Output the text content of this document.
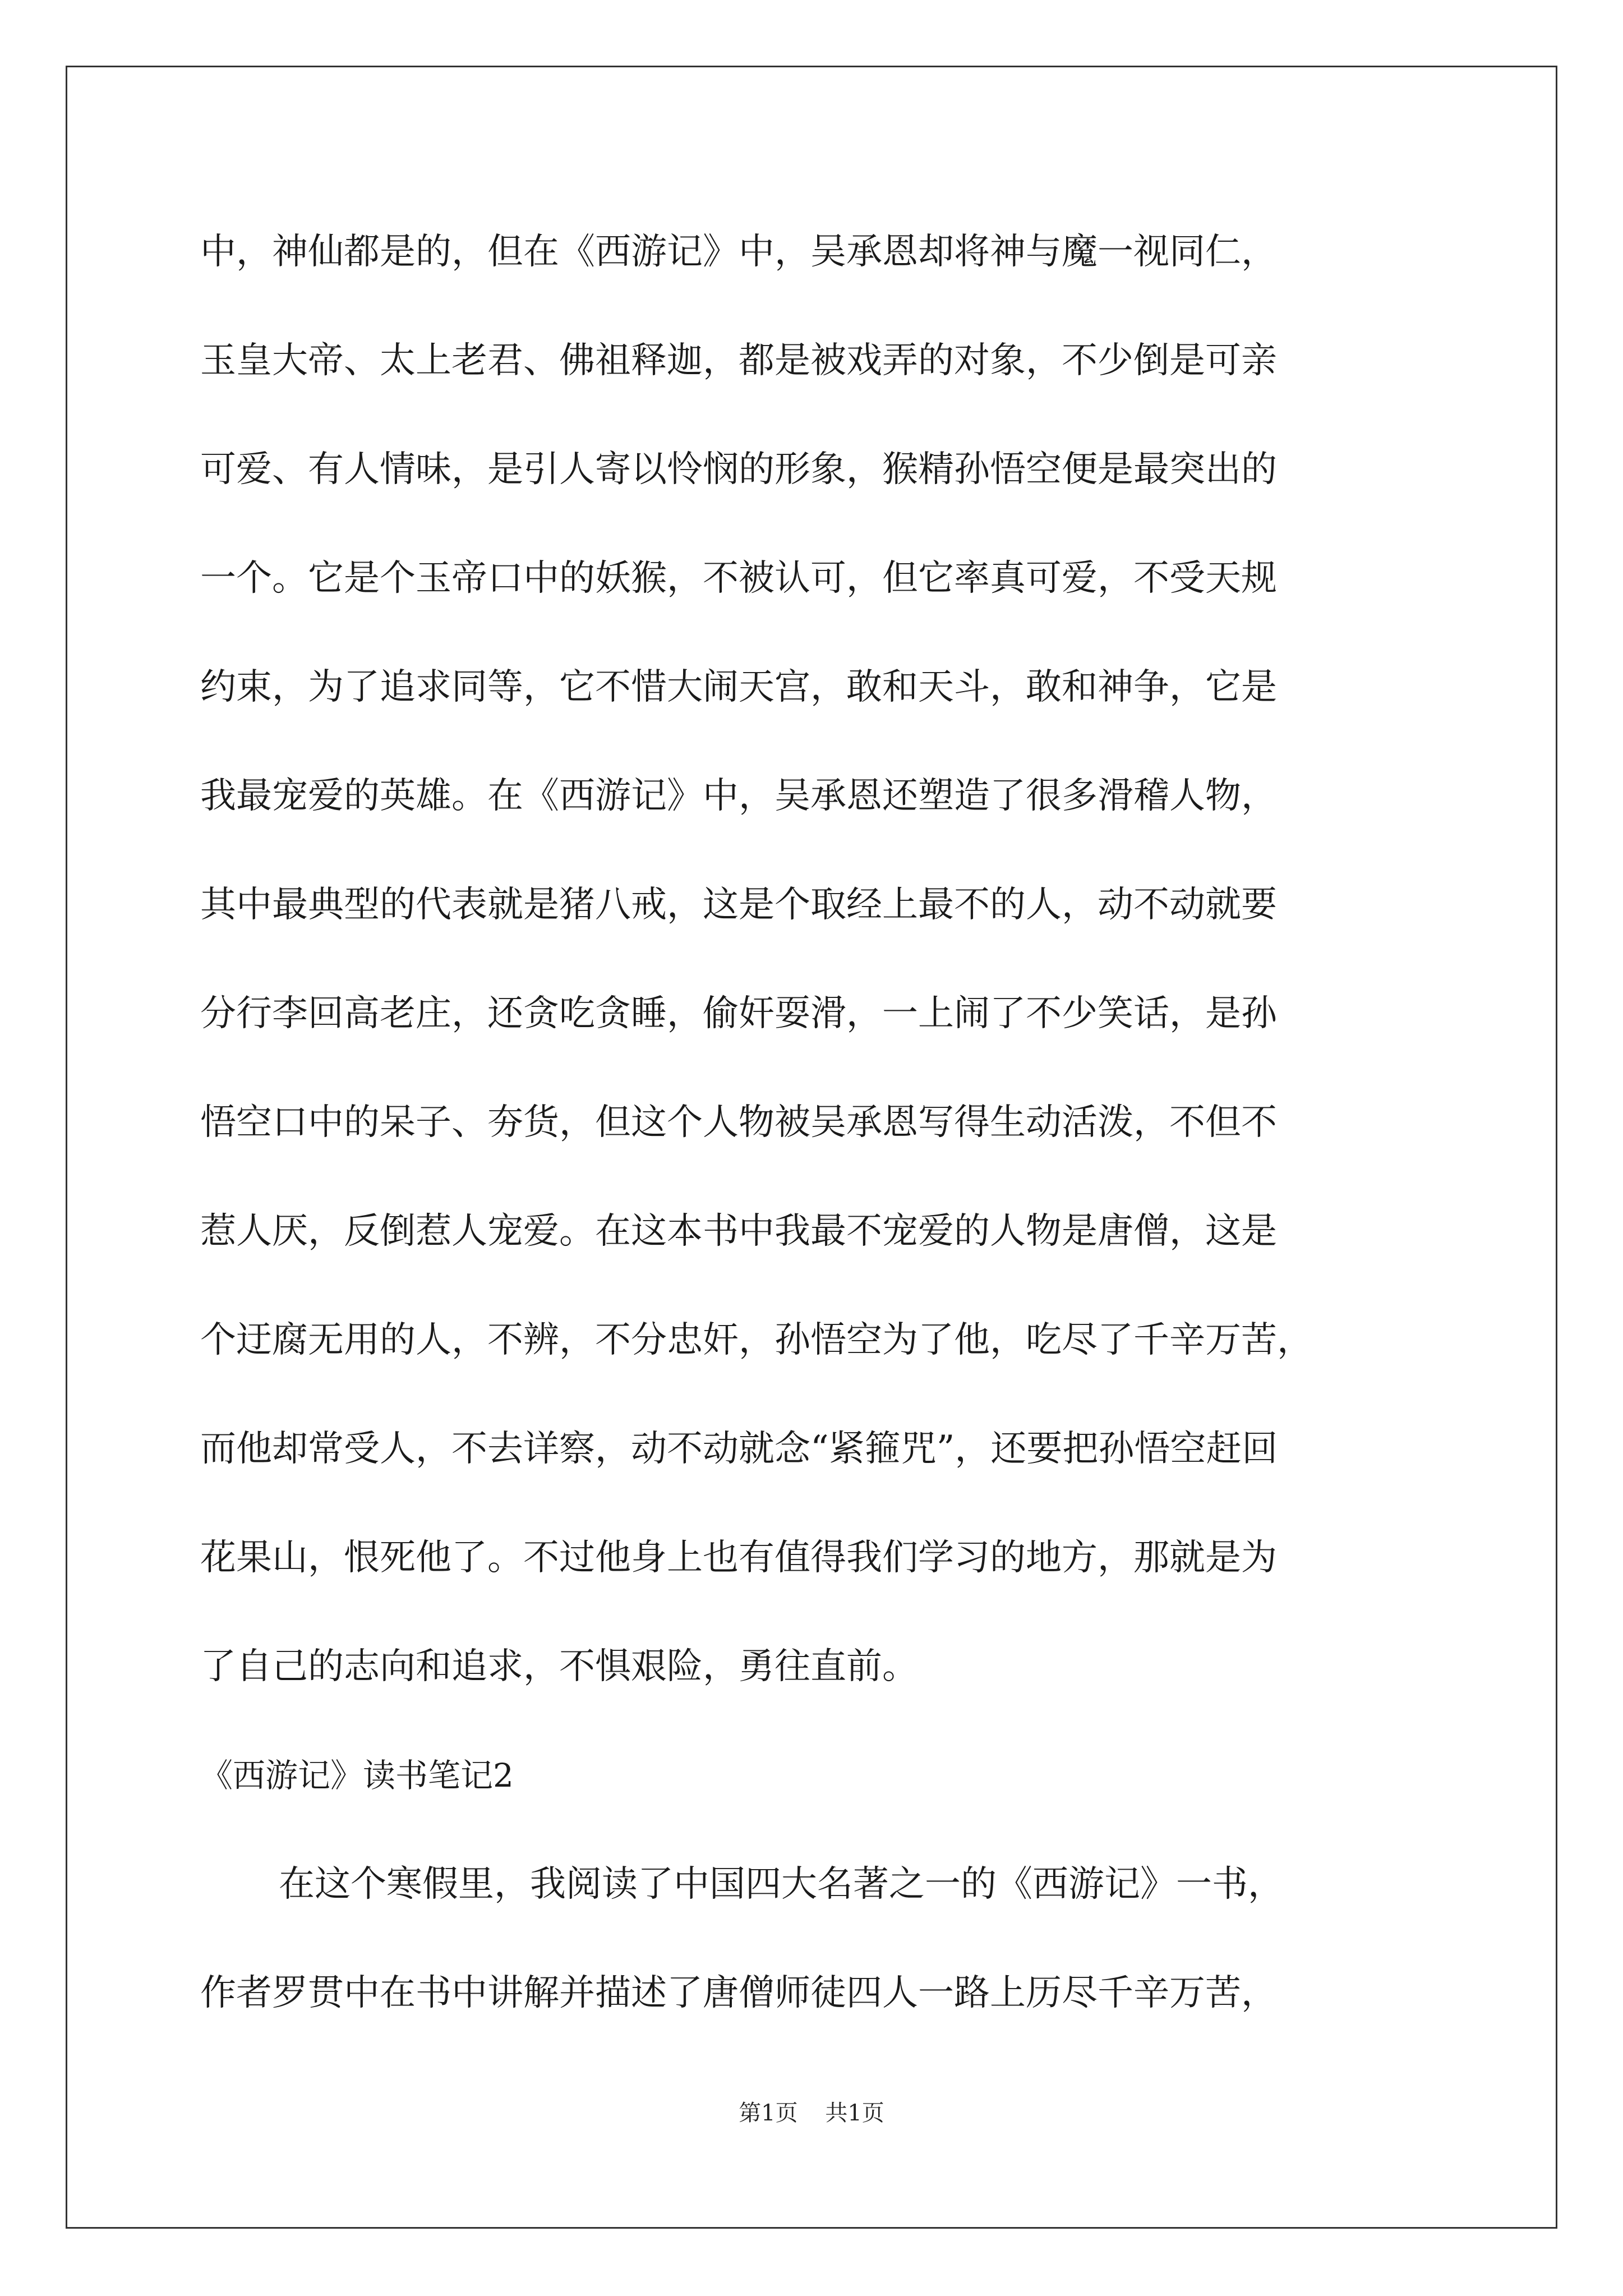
中，神仙都是的，但在《西游记》中，吴承恩却将神与魔一视同仁，
玉皇大帝、太上老君、佛祖释迦，都是被戏弄的对象，不少倒是可亲
可爱、有人情味，是引人寄以怜悯的形象，猴精孙悟空便是最突出的
一个。它是个玉帝口中的妖猴，不被认可，但它率真可爱，不受天规
约束，为了追求同等，它不惜大闹天宫，敢和天斗，敢和神争，它是
我最宠爱的英雄。在《西游记》中，吴承恩还塑造了很多滑稽人物，
其中最典型的代表就是猪八戒，这是个取经上最不的人，动不动就要
分行李回高老庄，还贪吃贪睡，偷奸耍滑，一上闹了不少笑话，是孙
悟空口中的呆子、夯货，但这个人物被吴承恩写得生动活泼，不但不
惹人厌，反倒惹人宠爱。在这本书中我最不宠爱的人物是唐僧，这是
个迂腐无用的人，不辨，不分忠奸，孙悟空为了他，吃尽了千辛万苦，
而他却常受人，不去详察，动不动就念“紧箍咒”，还要把孙悟空赶回
花果山，恨死他了。不过他身上也有值得我们学习的地方，那就是为
了自己的志向和追求，不惧艰险，勇往直前。
《西游记》读书笔记2
在这个寒假里，我阅读了中国四大名著之一的《西游记》一书，
作者罗贯中在书中讲解并描述了唐僧师徒四人一路上历尽千辛万苦，
第1页 共1页
